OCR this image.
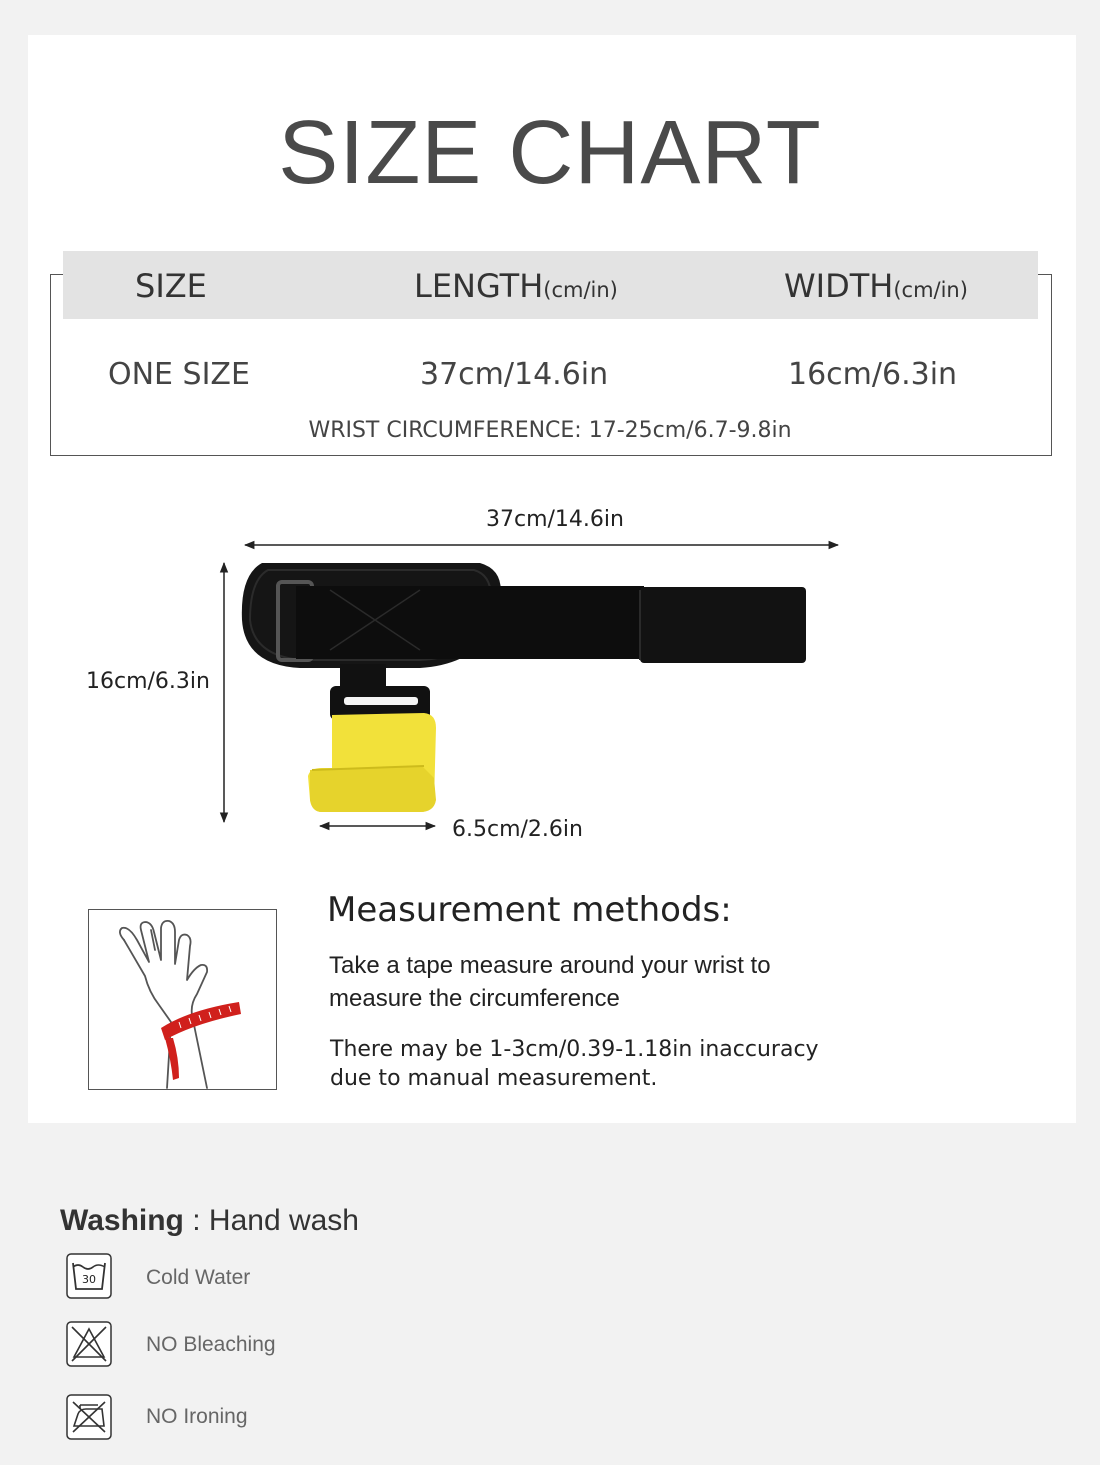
SIZE CHART
SIZE	LENGTH(cm/in)	WIDTH(cm/in)
ONE SIZE	37cm/14.6in	16cm/6.3in
WRIST CIRCUMFERENCE: 17-25cm/6.7-9.8in
37cm/14.6in
16cm/6.3in
6.5cm/2.6in
Measurement methods:
Take a tape measure around your wrist to
measure the circumference
There may be 1-3cm/0.39-1.18in inaccuracy
due to manual measurement.
Washing : Hand wash
30 Cold Water
NO Bleaching
NO Ironing
